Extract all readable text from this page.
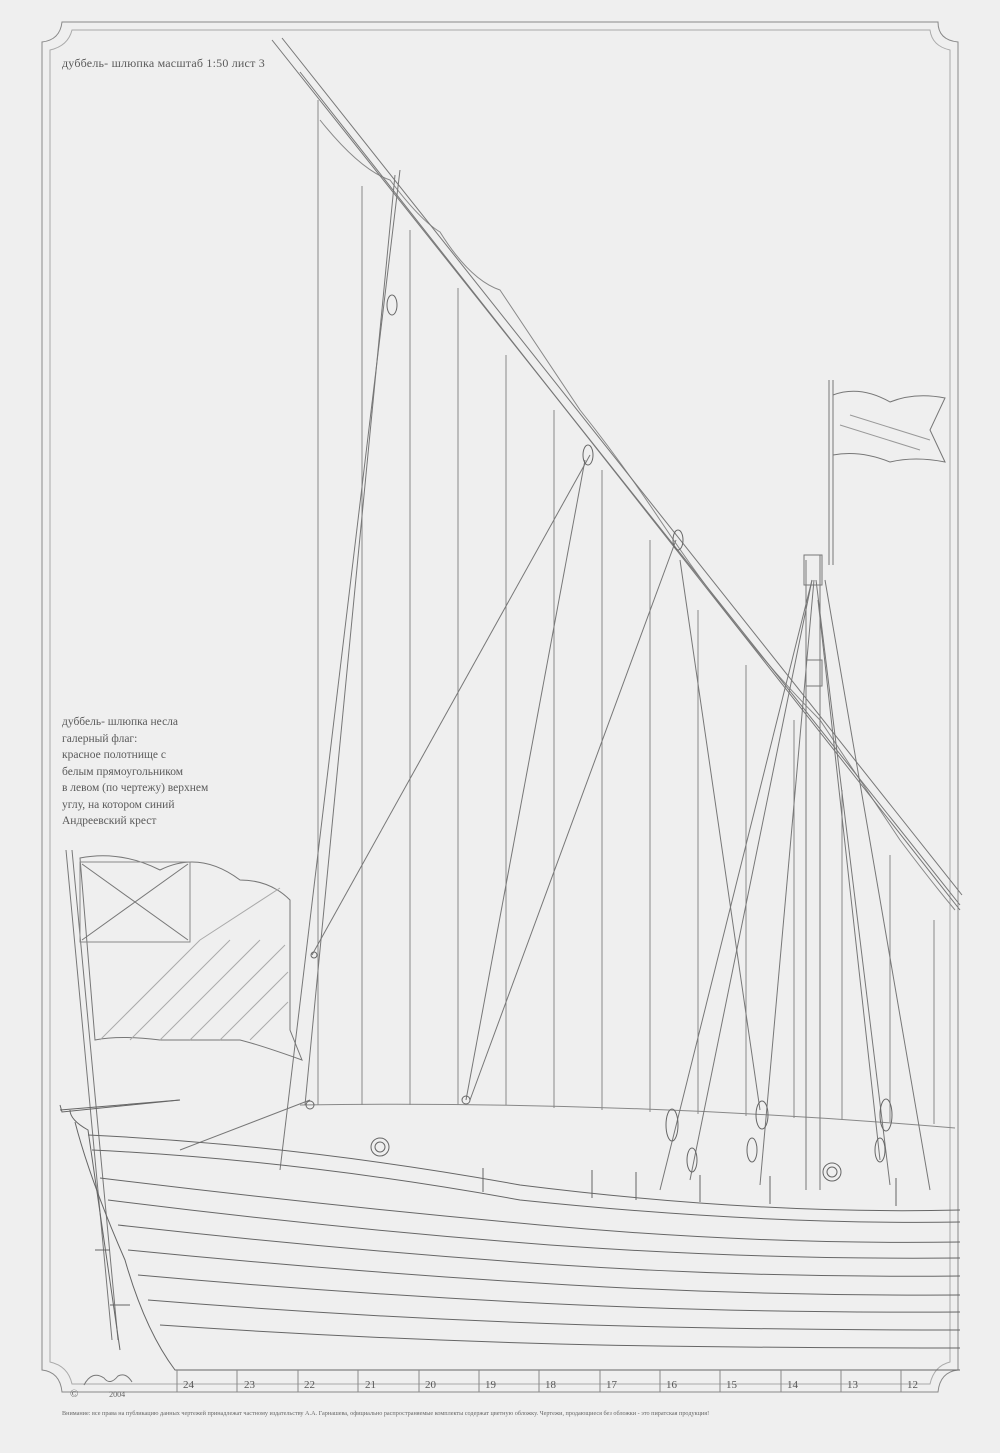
дуббель- шлюпка масштаб 1:50 лист 3
дуббель- шлюпка несла
галерный флаг:
красное полотнище с
белым прямоугольником
в левом (по чертежу) верхнем
углу, на котором синий
Андреевский крест
24	23	22	21	20	19	18	17	16	15	14	13	12
©	2004
Внимание: все права на публикацию данных чертежей принадлежат частному издательству А.А. Гарнашева, официально распространяемые комплекты содержат цветную обложку. Чертежи, продающиеся без обложки - это пиратская продукция!
